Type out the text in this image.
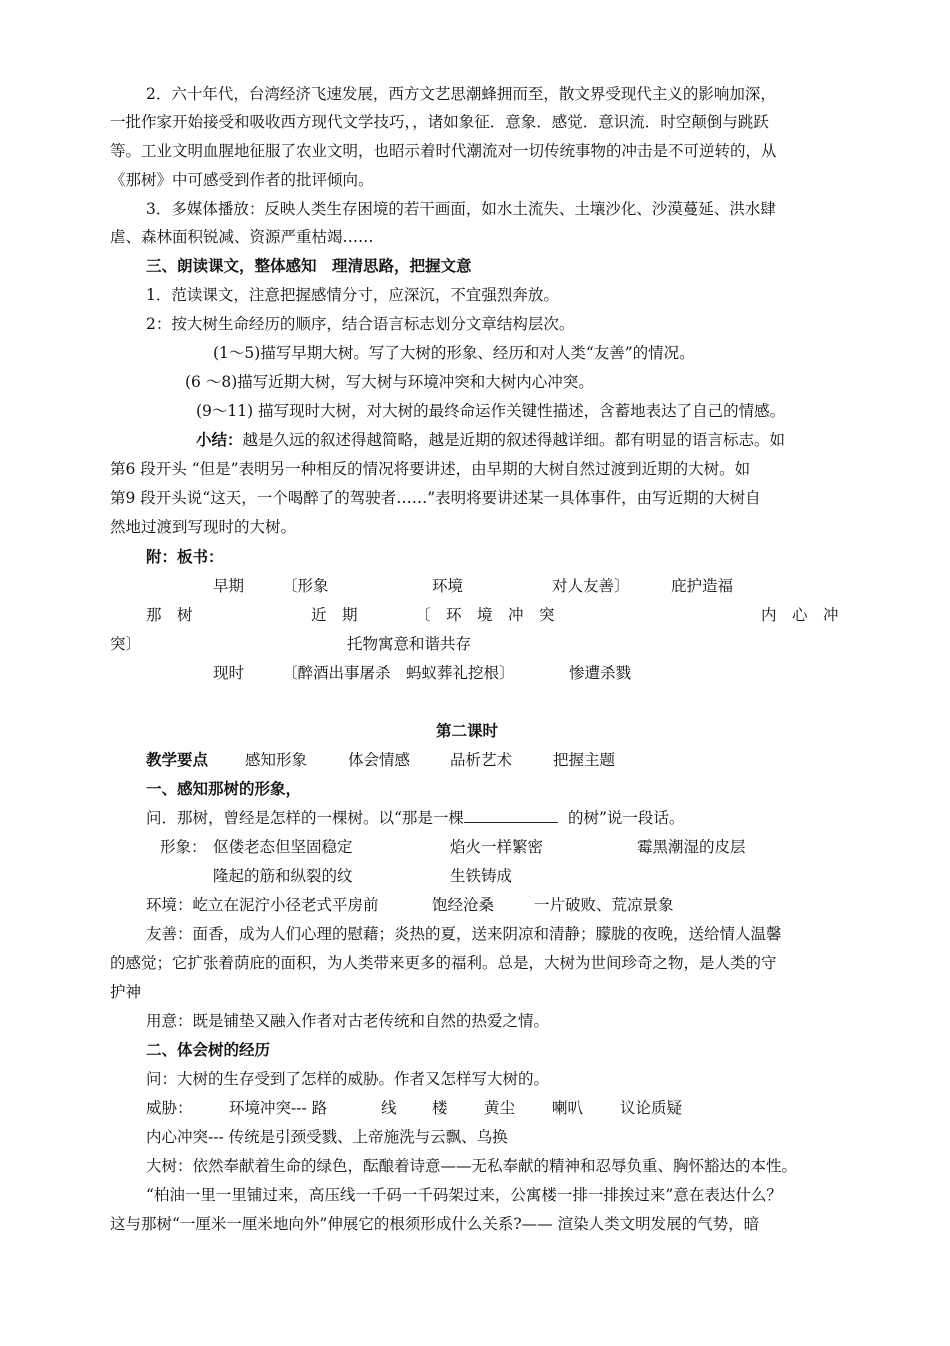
2．六十年代，台湾经济飞速发展，西方文艺思潮蜂拥而至，散文界受现代主义的影响加深，
一批作家开始接受和吸收西方现代文学技巧，，诸如象征．意象．感觉．意识流．时空颠倒与跳跃
等。工业文明血腥地征服了农业文明，也昭示着时代潮流对一切传统事物的冲击是不可逆转的，从
《那树》中可感受到作者的批评倾向。
3．多媒体播放：反映人类生存困境的若干画面，如水土流失、土壤沙化、沙漠蔓延、洪水肆
虐、森林面积锐减、资源严重枯竭……
三、朗读课文，整体感知　理清思路，把握文意
1．范读课文，注意把握感情分寸，应深沉，不宜强烈奔放。
2：按大树生命经历的顺序，结合语言标志划分文章结构层次。
(1～5)描写早期大树。写了大树的形象、经历和对人类“友善”的情况。
(6 ～8)描写近期大树，写大树与环境冲突和大树内心冲突。
(9～11) 描写现时大树，对大树的最终命运作关键性描述，含蓄地表达了自己的情感。
小结：越是久远的叙述得越简略，越是近期的叙述得越详细。都有明显的语言标志。如
第6 段开头 “但是”表明另一种相反的情况将要讲述，由早期的大树自然过渡到近期的大树。如
第9 段开头说“这天，一个喝醉了的驾驶者……”表明将要讲述某一具体事件，由写近期的大树自
然地过渡到写现时的大树。
附：板书：
早期 〔形象	环境	对人友善〕	庇护造福
那　树	近　期	〔　环　境　冲　突	内　心　冲
突〕	托物寓意和谐共存
现时 〔醉酒出事屠杀　蚂蚁葬礼挖根〕	惨遭杀戮
第二课时
教学要点 感知形象	体会情感	品析艺术	把握主题
一、感知那树的形象，
问．那树，曾经是怎样的一棵树。以“那是一棵	的树”说一段话。
形象： 伛偻老态但坚固稳定	焰火一样繁密	霉黑潮湿的皮层
隆起的筋和纵裂的纹	生铁铸成
环境：屹立在泥泞小径老式平房前	饱经沧桑	一片破败、荒凉景象
友善：面香，成为人们心理的慰藉；炎热的夏，送来阴凉和清静；朦胧的夜晚，送给情人温馨
的感觉；它扩张着荫庇的面积，为人类带来更多的福利。总是，大树为世间珍奇之物，是人类的守
护神
用意：既是铺垫又融入作者对古老传统和自然的热爱之情。
二、体会树的经历
问：大树的生存受到了怎样的威胁。作者又怎样写大树的。
威胁： 环境冲突--- 路	线 楼 黄尘 喇叭 议论质疑
内心冲突--- 传统是引颈受戮、上帝施洗与云飘、乌换
大树：依然奉献着生命的绿色，酝酿着诗意——无私奉献的精神和忍辱负重、胸怀豁达的本性。
“柏油一里一里铺过来，高压线一千码一千码架过来，公寓楼一排一排挨过来”意在表达什么？
这与那树“一厘米一厘米地向外”伸展它的根须形成什么关系?—— 渲染人类文明发展的气势，暗
